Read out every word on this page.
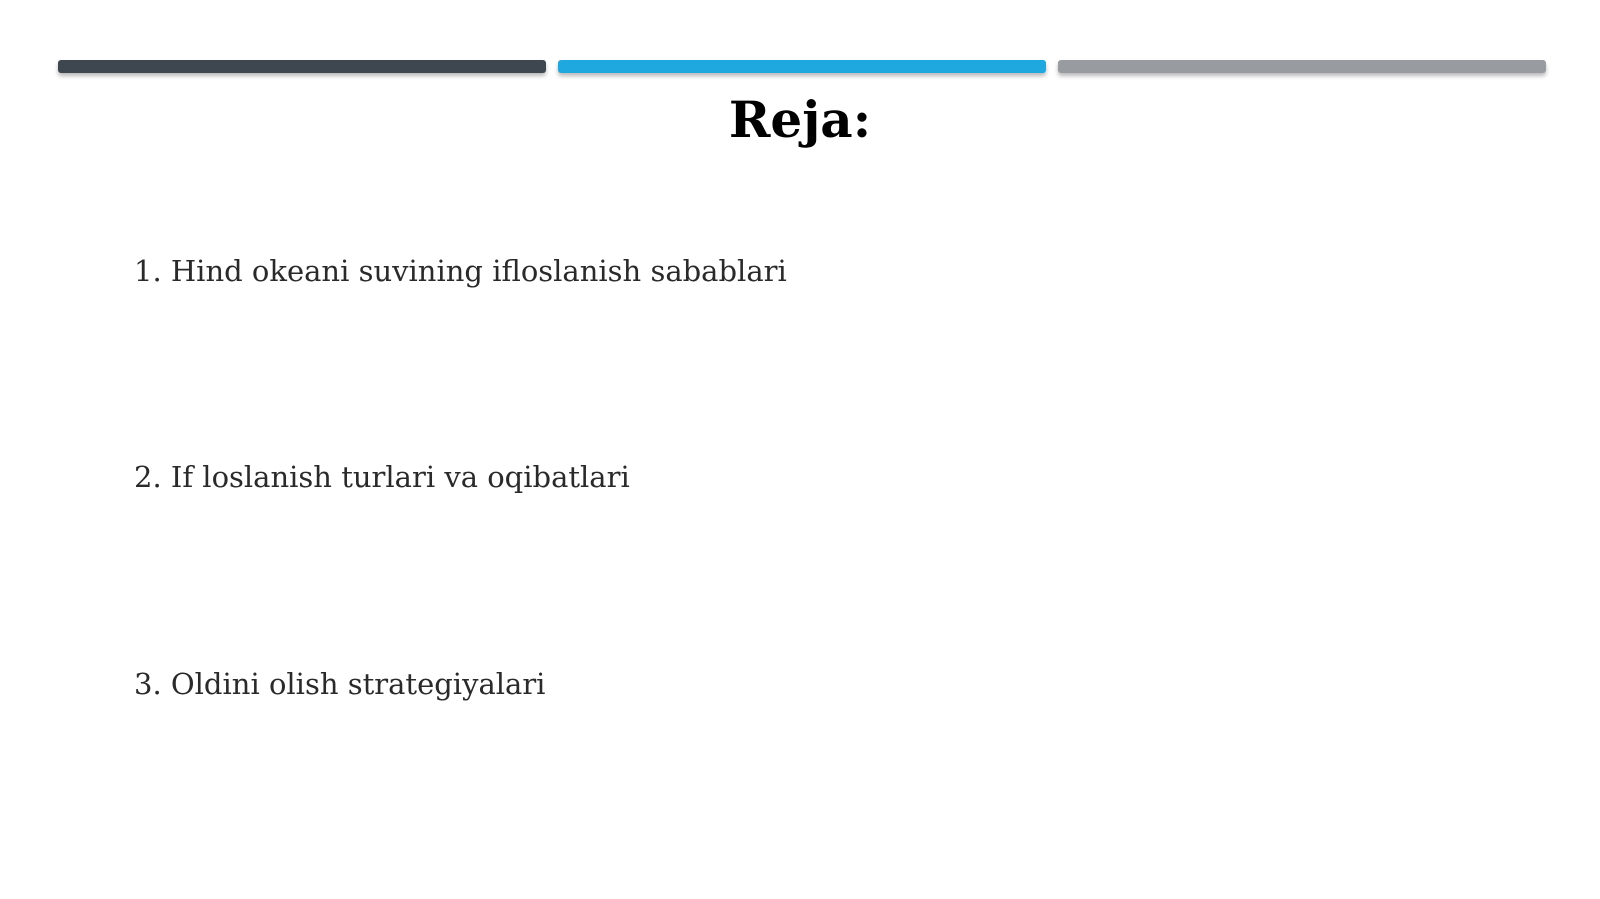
Reja:
1. Hind okeani suvining ifloslanish sabablari
2. If loslanish turlari va oqibatlari
3. Oldini olish strategiyalari
